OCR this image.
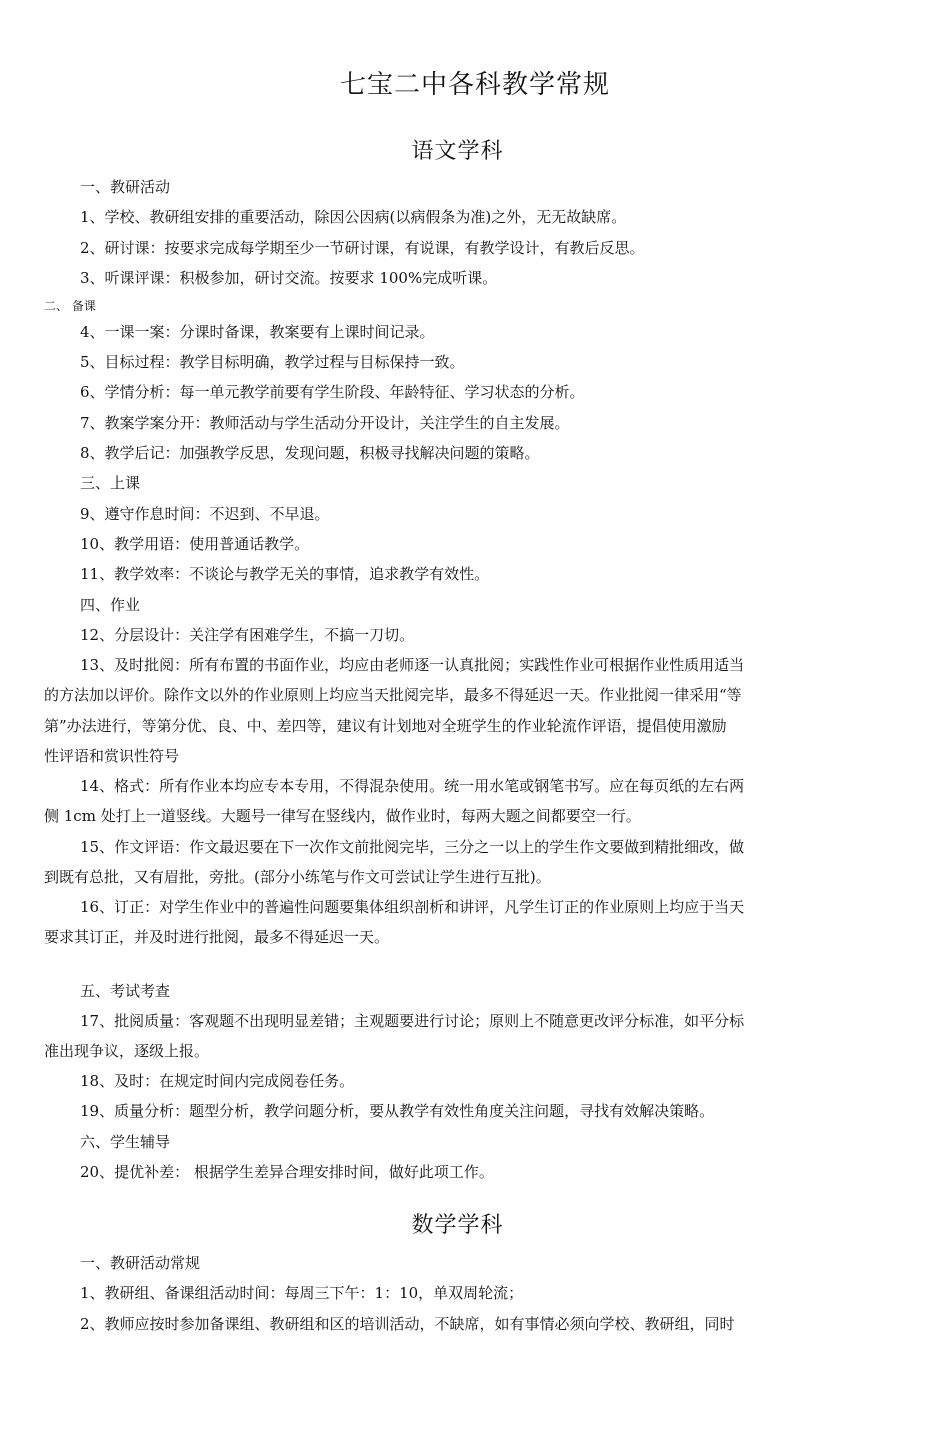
七宝二中各科教学常规
语文学科
一、教研活动
1、学校、教研组安排的重要活动，除因公因病(以病假条为准)之外，无无故缺席。
2、研讨课：按要求完成每学期至少一节研讨课，有说课，有教学设计，有教后反思。
3、听课评课：积极参加，研讨交流。按要求 100%完成听课。
二、 备课
4、一课一案：分课时备课，教案要有上课时间记录。
5、目标过程：教学目标明确，教学过程与目标保持一致。
6、学情分析：每一单元教学前要有学生阶段、年龄特征、学习状态的分析。
7、教案学案分开：教师活动与学生活动分开设计，关注学生的自主发展。
8、教学后记：加强教学反思，发现问题，积极寻找解决问题的策略。
三、上课
9、遵守作息时间：不迟到、不早退。
10、教学用语：使用普通话教学。
11、教学效率：不谈论与教学无关的事情，追求教学有效性。
四、作业
12、分层设计：关注学有困难学生，不搞一刀切。
13、及时批阅：所有布置的书面作业，均应由老师逐一认真批阅；实践性作业可根据作业性质用适当
的方法加以评价。除作文以外的作业原则上均应当天批阅完毕，最多不得延迟一天。作业批阅一律采用“等
第”办法进行，等第分优、良、中、差四等，建议有计划地对全班学生的作业轮流作评语，提倡使用激励
性评语和赏识性符号
14、格式：所有作业本均应专本专用，不得混杂使用。统一用水笔或钢笔书写。应在每页纸的左右两
侧 1cm 处打上一道竖线。大题号一律写在竖线内，做作业时，每两大题之间都要空一行。
15、作文评语：作文最迟要在下一次作文前批阅完毕，三分之一以上的学生作文要做到精批细改，做
到既有总批，又有眉批，旁批。(部分小练笔与作文可尝试让学生进行互批)。
16、订正：对学生作业中的普遍性问题要集体组织剖析和讲评，凡学生订正的作业原则上均应于当天
要求其订正，并及时进行批阅，最多不得延迟一天。
五、考试考查
17、批阅质量：客观题不出现明显差错；主观题要进行讨论；原则上不随意更改评分标准，如平分标
准出现争议，逐级上报。
18、及时：在规定时间内完成阅卷任务。
19、质量分析：题型分析，教学问题分析，要从教学有效性角度关注问题，寻找有效解决策略。
六、学生辅导
20、提优补差： 根据学生差异合理安排时间，做好此项工作。
数学学科
一、教研活动常规
1、教研组、备课组活动时间：每周三下午：1：10，单双周轮流；
2、教师应按时参加备课组、教研组和区的培训活动，不缺席，如有事情必须向学校、教研组，同时
